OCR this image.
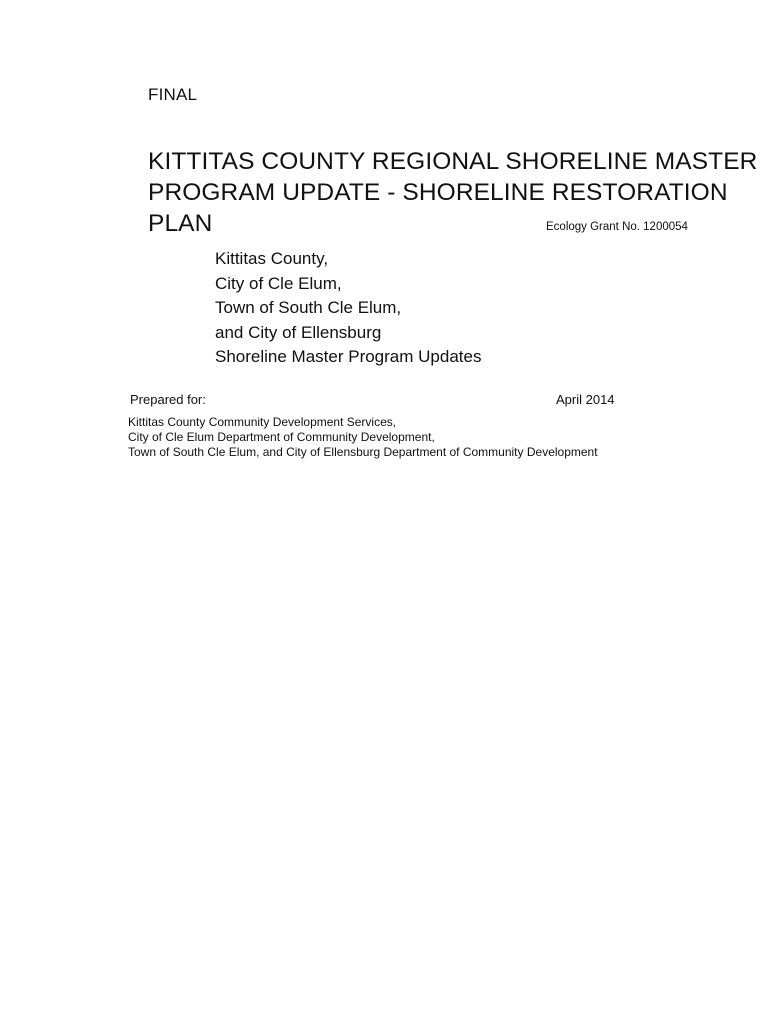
FINAL
KITTITAS COUNTY REGIONAL SHORELINE MASTER
PROGRAM UPDATE - SHORELINE RESTORATION
PLAN	Ecology Grant No. 1200054
Kittitas County,
City of Cle Elum,
Town of South Cle Elum,
and City of Ellensburg
Shoreline Master Program Updates
Prepared for:	April 2014
Kittitas County Community Development Services,
City of Cle Elum Department of Community Development,
Town of South Cle Elum, and City of Ellensburg Department of Community Development
